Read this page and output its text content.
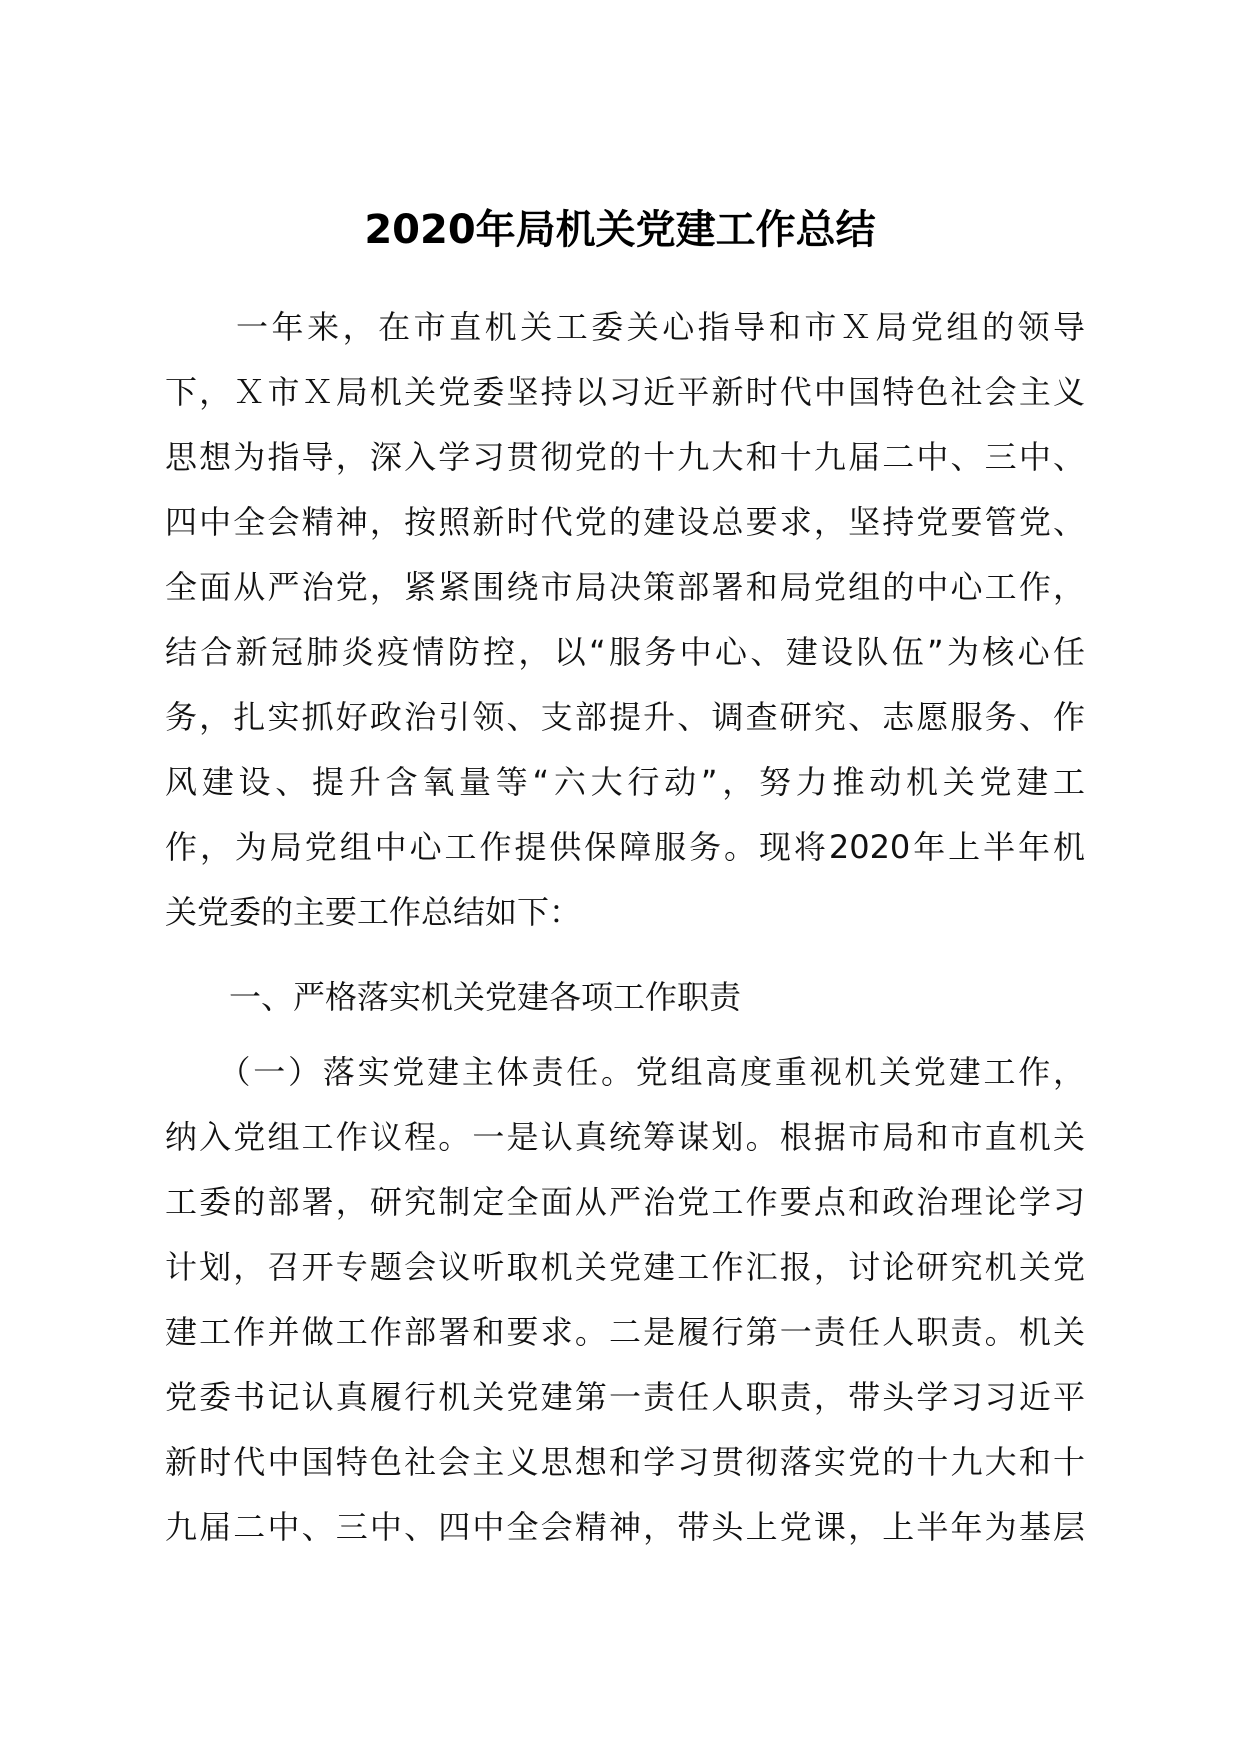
2020年局机关党建工作总结
　　一年来，在市直机关工委关心指导和市Ｘ局党组的领导
下，Ｘ市Ｘ局机关党委坚持以习近平新时代中国特色社会主义
思想为指导，深入学习贯彻党的十九大和十九届二中、三中、
四中全会精神，按照新时代党的建设总要求，坚持党要管党、
全面从严治党，紧紧围绕市局决策部署和局党组的中心工作，
结合新冠肺炎疫情防控，以“服务中心、建设队伍”为核心任
务，扎实抓好政治引领、支部提升、调查研究、志愿服务、作
风建设、提升含氧量等“六大行动”，努力推动机关党建工
作，为局党组中心工作提供保障服务。现将2020年上半年机
关党委的主要工作总结如下：
　　一、严格落实机关党建各项工作职责
　　（一）落实党建主体责任。党组高度重视机关党建工作，
纳入党组工作议程。一是认真统筹谋划。根据市局和市直机关
工委的部署，研究制定全面从严治党工作要点和政治理论学习
计划，召开专题会议听取机关党建工作汇报，讨论研究机关党
建工作并做工作部署和要求。二是履行第一责任人职责。机关
党委书记认真履行机关党建第一责任人职责，带头学习习近平
新时代中国特色社会主义思想和学习贯彻落实党的十九大和十
九届二中、三中、四中全会精神，带头上党课，上半年为基层
